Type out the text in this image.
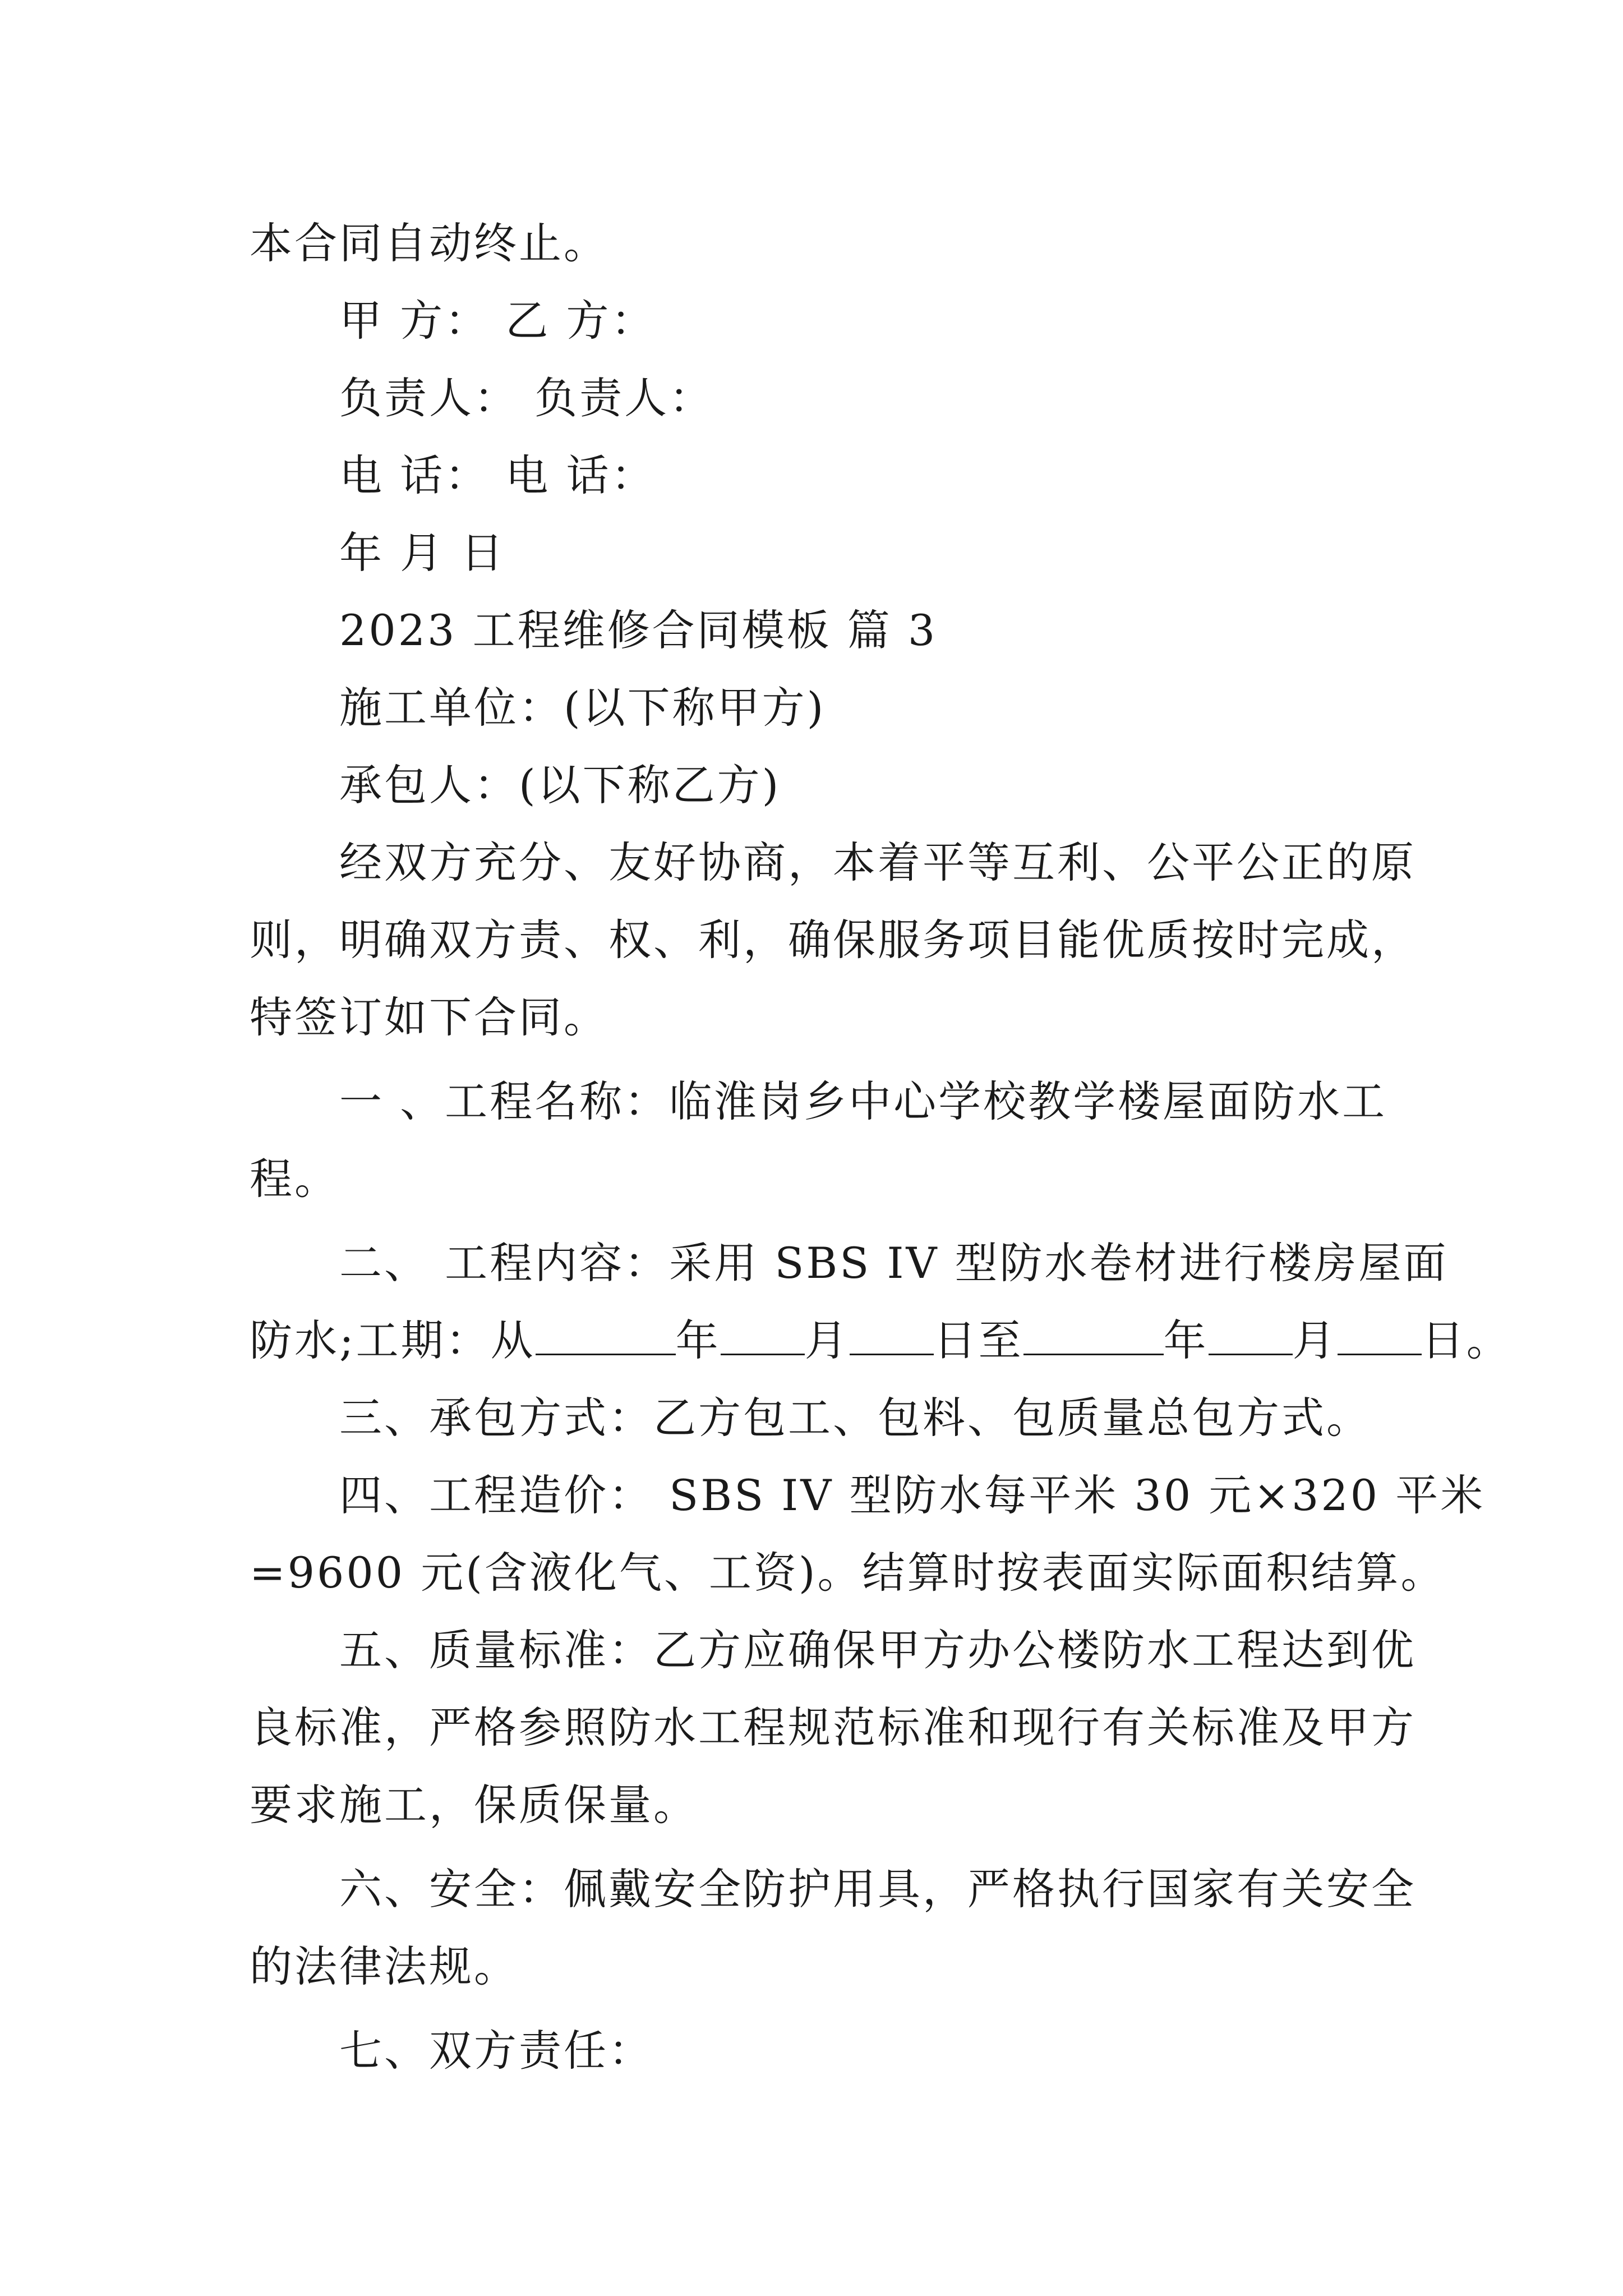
本合同自动终止。
甲 方： 乙 方：
负责人： 负责人：
电 话： 电 话：
年 月 日
2023 工程维修合同模板 篇 3
施工单位：(以下称甲方)
承包人：(以下称乙方)
经双方充分、友好协商，本着平等互利、公平公正的原
则，明确双方责、权、利，确保服务项目能优质按时完成，
特签订如下合同。
一 、工程名称：临淮岗乡中心学校教学楼屋面防水工
程。
二、 工程内容：采用 SBS IV 型防水卷材进行楼房屋面
防水;工期：从	年 月 日至	年 月 日。
三、承包方式：乙方包工、包料、包质量总包方式。
四、工程造价： SBS IV 型防水每平米 30 元×320 平米
=9600 元(含液化气、工资)。结算时按表面实际面积结算。
五、质量标准：乙方应确保甲方办公楼防水工程达到优
良标准，严格参照防水工程规范标准和现行有关标准及甲方
要求施工，保质保量。
六、安全：佩戴安全防护用具，严格执行国家有关安全
的法律法规。
七、双方责任：
